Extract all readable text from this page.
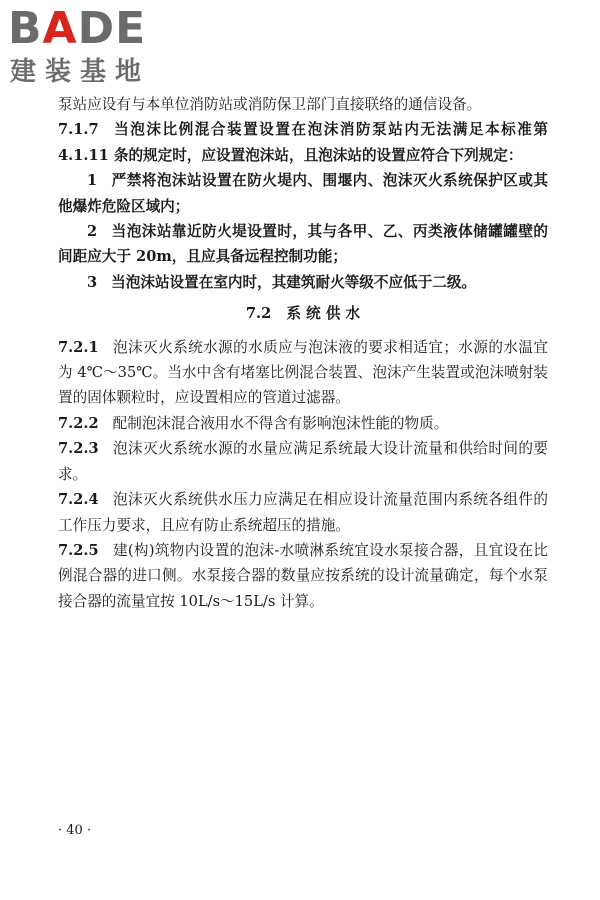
BADE
建装基地

泵站应设有与本单位消防站或消防保卫部门直接联络的通信设备。

7.1.7 当泡沫比例混合装置设置在泡沫消防泵站内无法满足本标准第 4.1.11 条的规定时，应设置泡沫站，且泡沫站的设置应符合下列规定：

1 严禁将泡沫站设置在防火堤内、围堰内、泡沫灭火系统保护区或其他爆炸危险区域内；

2 当泡沫站靠近防火堤设置时，其与各甲、乙、丙类液体储罐罐壁的间距应大于 20m，且应具备远程控制功能；

3 当泡沫站设置在室内时，其建筑耐火等级不应低于二级。

7.2 系 统 供 水

7.2.1 泡沫灭火系统水源的水质应与泡沫液的要求相适宜；水源的水温宜为 4℃～35℃。当水中含有堵塞比例混合装置、泡沫产生装置或泡沫喷射装置的固体颗粒时，应设置相应的管道过滤器。

7.2.2 配制泡沫混合液用水不得含有影响泡沫性能的物质。

7.2.3 泡沫灭火系统水源的水量应满足系统最大设计流量和供给时间的要求。

7.2.4 泡沫灭火系统供水压力应满足在相应设计流量范围内系统各组件的工作压力要求，且应有防止系统超压的措施。

7.2.5 建(构)筑物内设置的泡沫-水喷淋系统宜设水泵接合器，且宜设在比例混合器的进口侧。水泵接合器的数量应按系统的设计流量确定，每个水泵接合器的流量宜按 10L/s～15L/s 计算。

· 40 ·
